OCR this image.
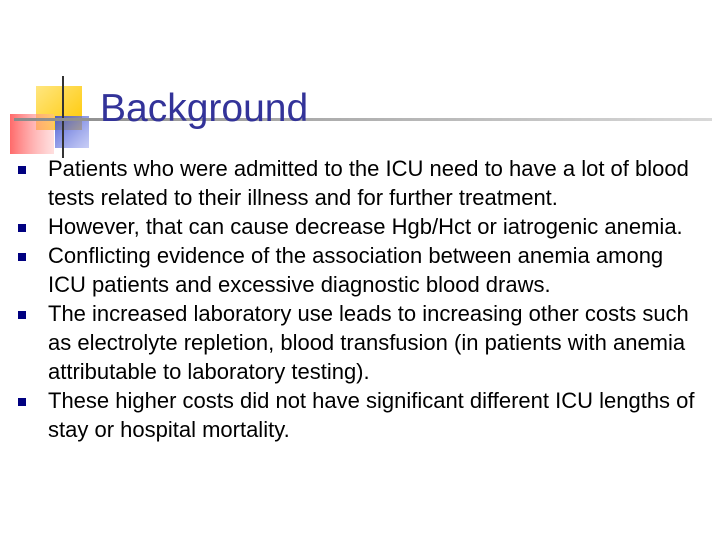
Background
Patients who were admitted to the ICU need to have a lot of blood tests related to their illness and for further treatment.
However, that can cause decrease Hgb/Hct or iatrogenic anemia.
Conflicting evidence of the association between anemia among ICU patients and excessive diagnostic blood draws.
The increased laboratory use leads to increasing other costs such as electrolyte repletion, blood transfusion (in patients with anemia attributable to laboratory testing).
These higher costs did not have significant different ICU lengths of stay or hospital mortality.
